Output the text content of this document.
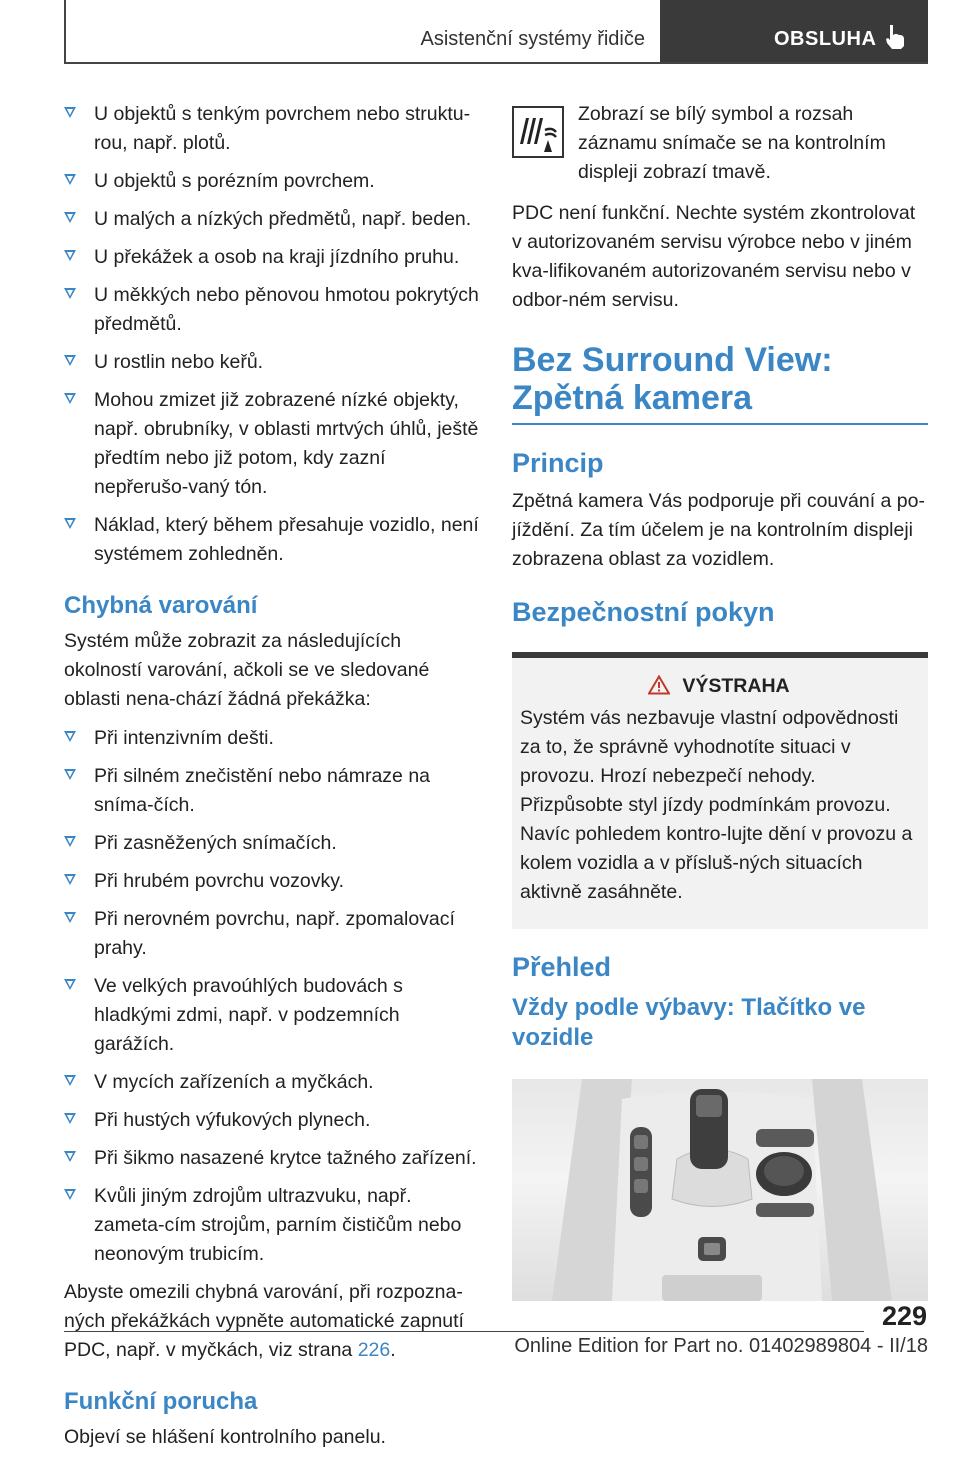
Asistenční systémy řidiče	OBSLUHA
U objektů s tenkým povrchem nebo struktu-rou, např. plotů.
U objektů s porézním povrchem.
U malých a nízkých předmětů, např. beden.
U překážek a osob na kraji jízdního pruhu.
U měkkých nebo pěnovou hmotou pokrytých předmětů.
U rostlin nebo keřů.
Mohou zmizet již zobrazené nízké objekty, např. obrubníky, v oblasti mrtvých úhlů, ještě předtím nebo již potom, kdy zazní nepřerušo-vaný tón.
Náklad, který během přesahuje vozidlo, není systémem zohledněn.
Chybná varování

Systém může zobrazit za následujících okolností varování, ačkoli se ve sledované oblasti nena-chází žádná překážka:

Při intenzivním dešti.
Při silném znečistění nebo námraze na sníma-čích.
Při zasněžených snímačích.
Při hrubém povrchu vozovky.
Při nerovném povrchu, např. zpomalovací prahy.
Ve velkých pravoúhlých budovách s hladkými zdmi, např. v podzemních garážích.
V mycích zařízeních a myčkách.
Při hustých výfukových plynech.
Při šikmo nasazené krytce tažného zařízení.
Kvůli jiným zdrojům ultrazvuku, např. zameta-cím strojům, parním čističům nebo neonovým trubicím.

Abyste omezili chybná varování, při rozpozna-ných překážkách vypněte automatické zapnutí PDC, např. v myčkách, viz strana 226.

Funkční porucha

Objeví se hlášení kontrolního panelu.

Zobrazí se bílý symbol a rozsah záznamu snímače se na kontrolním displeji zobrazí tmavě.

PDC není funkční. Nechte systém zkontrolovat v autorizovaném servisu výrobce nebo v jiném kva-lifikovaném autorizovaném servisu nebo v odbor-ném servisu.

Bez Surround View: Zpětná kamera
Princip

Zpětná kamera Vás podporuje při couvání a po-jíždění. Za tím účelem je na kontrolním displeji zobrazena oblast za vozidlem.

Bezpečnostní pokyn
VÝSTRAHA
Systém vás nezbavuje vlastní odpovědnosti za to, že správně vyhodnotíte situaci v provozu. Hrozí nebezpečí nehody. Přizpůsobte styl jízdy podmínkám provozu. Navíc pohledem kontro-lujte dění v provozu a kolem vozidla a v přísluš-ných situacích aktivně zasáhněte.
Přehled
Vždy podle výbavy: Tlačítko ve vozidle
229
Online Edition for Part no. 01402989804 - II/18
